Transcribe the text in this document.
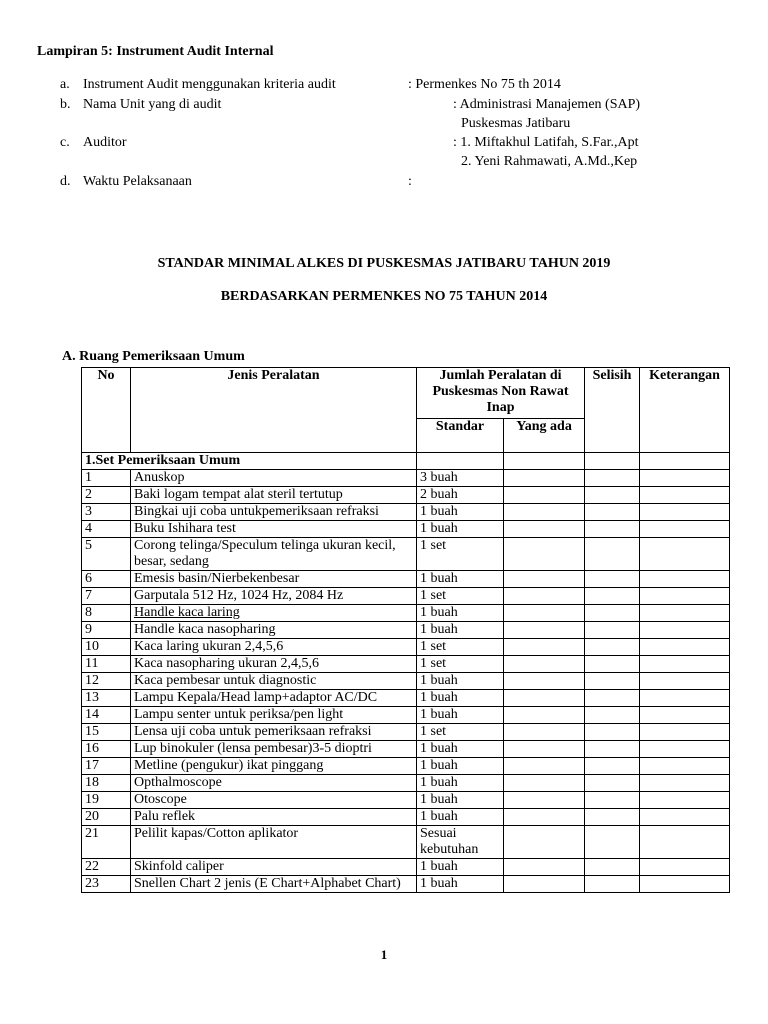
Lampiran 5: Instrument Audit Internal
a. Instrument Audit menggunakan kriteria audit	: Permenkes No 75 th 2014
b. Nama Unit yang di audit	: Administrasi Manajemen (SAP)
Puskesmas Jatibaru
c. Auditor	: 1. Miftakhul Latifah, S.Far.,Apt
2. Yeni Rahmawati, A.Md.,Kep
d. Waktu Pelaksanaan	:
STANDAR MINIMAL ALKES DI PUSKESMAS JATIBARU TAHUN 2019
BERDASARKAN PERMENKES NO 75 TAHUN 2014
A. Ruang Pemeriksaan Umum
No	Jenis Peralatan	Jumlah Peralatan di Puskesmas Non Rawat Inap		Selisih	Keterangan
		Standar	Yang ada		
1.Set Pemeriksaan Umum					
1	Anuskop	3 buah			
2	Baki logam tempat alat steril tertutup	2 buah			
3	Bingkai uji coba untukpemeriksaan refraksi	1 buah			
4	Buku Ishihara test	1 buah			
5	Corong telinga/Speculum telinga ukuran kecil, besar, sedang	1 set			
6	Emesis basin/Nierbekenbesar	1 buah			
7	Garputala 512 Hz, 1024 Hz, 2084 Hz	1 set			
8	Handle kaca laring	1 buah			
9	Handle kaca nasopharing	1 buah			
10	Kaca laring ukuran 2,4,5,6	1 set			
11	Kaca nasopharing ukuran 2,4,5,6	1 set			
12	Kaca pembesar untuk diagnostic	1 buah			
13	Lampu Kepala/Head lamp+adaptor AC/DC	1 buah			
14	Lampu senter untuk periksa/pen light	1 buah			
15	Lensa uji coba untuk pemeriksaan refraksi	1 set			
16	Lup binokuler (lensa pembesar)3-5 dioptri	1 buah			
17	Metline (pengukur) ikat pinggang	1 buah			
18	Opthalmoscope	1 buah			
19	Otoscope	1 buah			
20	Palu reflek	1 buah			
21	Pelilit kapas/Cotton aplikator	Sesuai kebutuhan			
22	Skinfold caliper	1 buah			
23	Snellen Chart 2 jenis (E Chart+Alphabet Chart)	1 buah			
1
